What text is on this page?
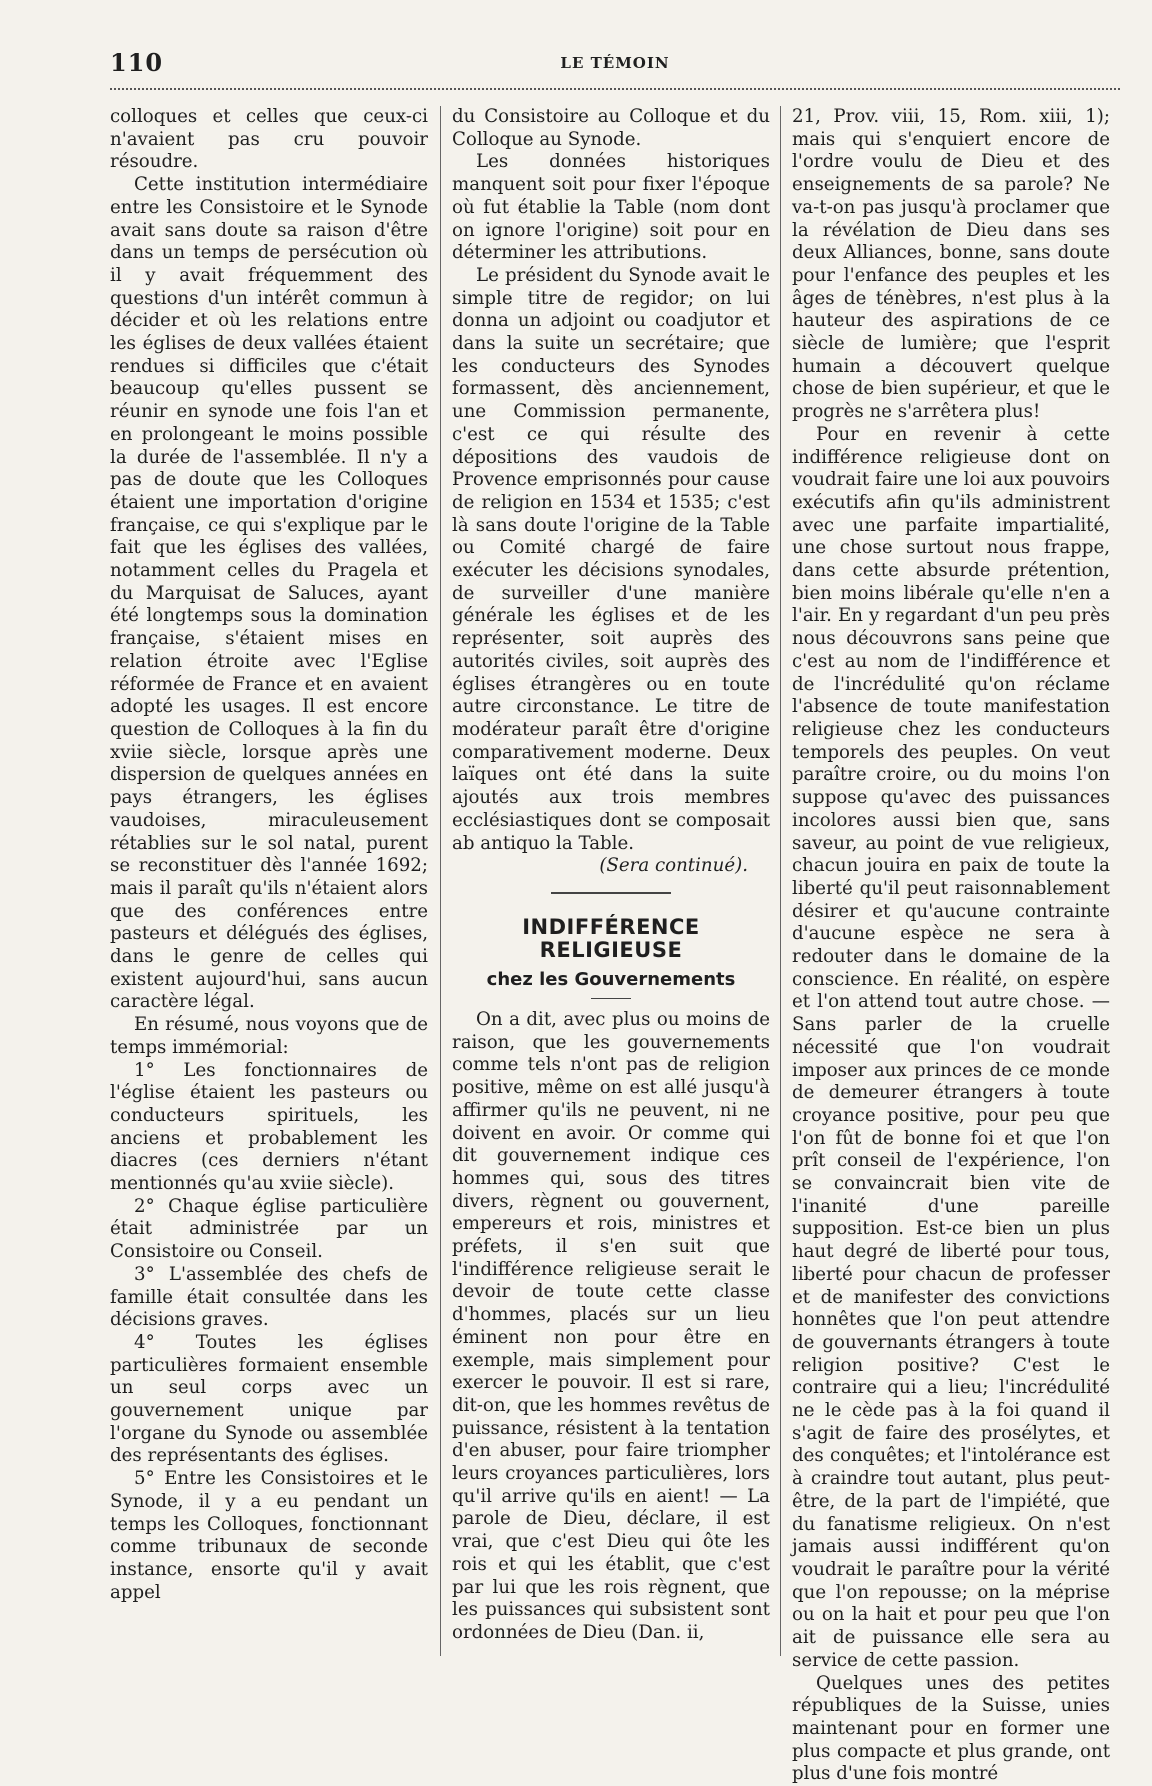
110	LE TÉMOIN

colloques et celles que ceux-ci n'avaient pas cru pouvoir résoudre.

Cette institution intermédiaire entre les Consistoire et le Synode avait sans doute sa raison d'être dans un temps de persécution où il y avait fréquemment des questions d'un intérêt commun à décider et où les relations entre les églises de deux vallées étaient rendues si difficiles que c'était beaucoup qu'elles pussent se réunir en synode une fois l'an et en prolongeant le moins possible la durée de l'assemblée. Il n'y a pas de doute que les Colloques étaient une importation d'origine française, ce qui s'explique par le fait que les églises des vallées, notamment celles du Pragela et du Marquisat de Saluces, ayant été longtemps sous la domination française, s'étaient mises en relation étroite avec l'Eglise réformée de France et en avaient adopté les usages. Il est encore question de Colloques à la fin du xviie siècle, lorsque après une dispersion de quelques années en pays étrangers, les églises vaudoises, miraculeusement rétablies sur le sol natal, purent se reconstituer dès l'année 1692; mais il paraît qu'ils n'étaient alors que des conférences entre pasteurs et délégués des églises, dans le genre de celles qui existent aujourd'hui, sans aucun caractère légal.

En résumé, nous voyons que de temps immémorial:

1° Les fonctionnaires de l'église étaient les pasteurs ou conducteurs spirituels, les anciens et probablement les diacres (ces derniers n'étant mentionnés qu'au xviie siècle).

2° Chaque église particulière était administrée par un Consistoire ou Conseil.

3° L'assemblée des chefs de famille était consultée dans les décisions graves.

4° Toutes les églises particulières formaient ensemble un seul corps avec un gouvernement unique par l'organe du Synode ou assemblée des représentants des églises.

5° Entre les Consistoires et le Synode, il y a eu pendant un temps les Colloques, fonctionnant comme tribunaux de seconde instance, ensorte qu'il y avait appel

du Consistoire au Colloque et du Colloque au Synode.

Les données historiques manquent soit pour fixer l'époque où fut établie la Table (nom dont on ignore l'origine) soit pour en déterminer les attributions.

Le président du Synode avait le simple titre de regidor; on lui donna un adjoint ou coadjutor et dans la suite un secrétaire; que les conducteurs des Synodes formassent, dès anciennement, une Commission permanente, c'est ce qui résulte des dépositions des vaudois de Provence emprisonnés pour cause de religion en 1534 et 1535; c'est là sans doute l'origine de la Table ou Comité chargé de faire exécuter les décisions synodales, de surveiller d'une manière générale les églises et de les représenter, soit auprès des autorités civiles, soit auprès des églises étrangères ou en toute autre circonstance. Le titre de modérateur paraît être d'origine comparativement moderne. Deux laïques ont été dans la suite ajoutés aux trois membres ecclésiastiques dont se composait ab antiquo la Table.

(Sera continué).

INDIFFÉRENCE RELIGIEUSE
chez les Gouvernements

On a dit, avec plus ou moins de raison, que les gouvernements comme tels n'ont pas de religion positive, même on est allé jusqu'à affirmer qu'ils ne peuvent, ni ne doivent en avoir. Or comme qui dit gouvernement indique ces hommes qui, sous des titres divers, règnent ou gouvernent, empereurs et rois, ministres et préfets, il s'en suit que l'indifférence religieuse serait le devoir de toute cette classe d'hommes, placés sur un lieu éminent non pour être en exemple, mais simplement pour exercer le pouvoir. Il est si rare, dit-on, que les hommes revêtus de puissance, résistent à la tentation d'en abuser, pour faire triompher leurs croyances particulières, lors qu'il arrive qu'ils en aient! — La parole de Dieu, déclare, il est vrai, que c'est Dieu qui ôte les rois et qui les établit, que c'est par lui que les rois règnent, que les puissances qui subsistent sont ordonnées de Dieu (Dan. ii,

21, Prov. viii, 15, Rom. xiii, 1); mais qui s'enquiert encore de l'ordre voulu de Dieu et des enseignements de sa parole? Ne va-t-on pas jusqu'à proclamer que la révélation de Dieu dans ses deux Alliances, bonne, sans doute pour l'enfance des peuples et les âges de ténèbres, n'est plus à la hauteur des aspirations de ce siècle de lumière; que l'esprit humain a découvert quelque chose de bien supérieur, et que le progrès ne s'arrêtera plus!

Pour en revenir à cette indifférence religieuse dont on voudrait faire une loi aux pouvoirs exécutifs afin qu'ils administrent avec une parfaite impartialité, une chose surtout nous frappe, dans cette absurde prétention, bien moins libérale qu'elle n'en a l'air. En y regardant d'un peu près nous découvrons sans peine que c'est au nom de l'indifférence et de l'incrédulité qu'on réclame l'absence de toute manifestation religieuse chez les conducteurs temporels des peuples. On veut paraître croire, ou du moins l'on suppose qu'avec des puissances incolores aussi bien que, sans saveur, au point de vue religieux, chacun jouira en paix de toute la liberté qu'il peut raisonnablement désirer et qu'aucune contrainte d'aucune espèce ne sera à redouter dans le domaine de la conscience. En réalité, on espère et l'on attend tout autre chose. — Sans parler de la cruelle nécessité que l'on voudrait imposer aux princes de ce monde de demeurer étrangers à toute croyance positive, pour peu que l'on fût de bonne foi et que l'on prît conseil de l'expérience, l'on se convaincrait bien vite de l'inanité d'une pareille supposition. Est-ce bien un plus haut degré de liberté pour tous, liberté pour chacun de professer et de manifester des convictions honnêtes que l'on peut attendre de gouvernants étrangers à toute religion positive? C'est le contraire qui a lieu; l'incrédulité ne le cède pas à la foi quand il s'agit de faire des prosélytes, et des conquêtes; et l'intolérance est à craindre tout autant, plus peut-être, de la part de l'impiété, que du fanatisme religieux. On n'est jamais aussi indifférent qu'on voudrait le paraître pour la vérité que l'on repousse; on la méprise ou on la hait et pour peu que l'on ait de puissance elle sera au service de cette passion.

Quelques unes des petites républiques de la Suisse, unies maintenant pour en former une plus compacte et plus grande, ont plus d'une fois montré
